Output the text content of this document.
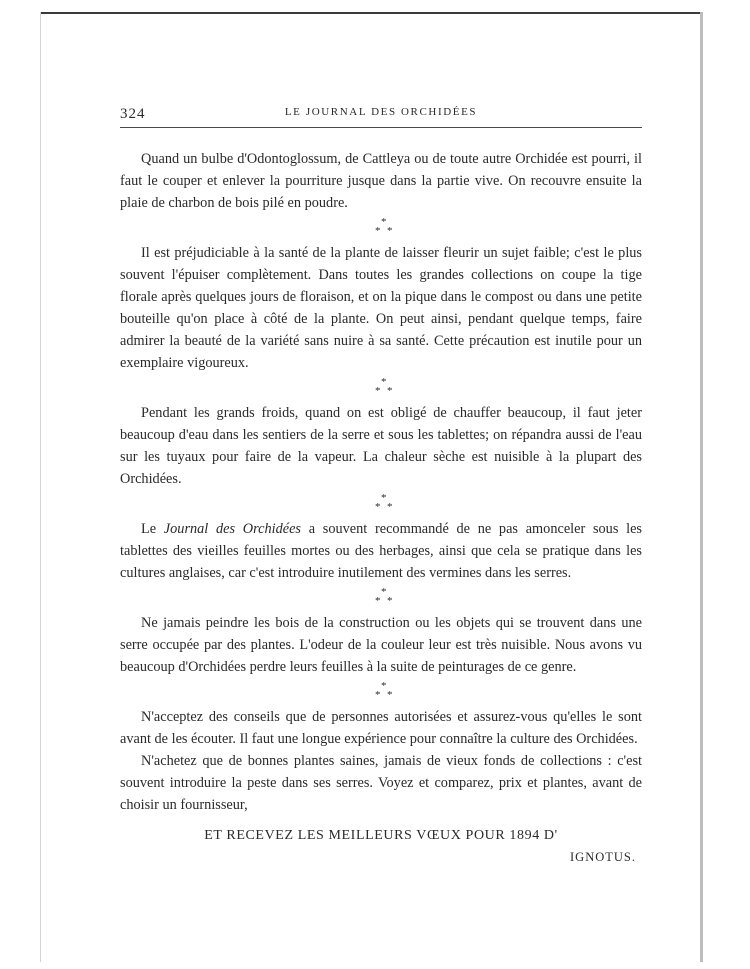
324	LE JOURNAL DES ORCHIDÉES

Quand un bulbe d'Odontoglossum, de Cattleya ou de toute autre Orchidée est pourri, il faut le couper et enlever la pourriture jusque dans la partie vive. On recouvre ensuite la plaie de charbon de bois pilé en poudre.

*
* *

Il est préjudiciable à la santé de la plante de laisser fleurir un sujet faible; c'est le plus souvent l'épuiser complètement. Dans toutes les grandes collections on coupe la tige florale après quelques jours de floraison, et on la pique dans le compost ou dans une petite bouteille qu'on place à côté de la plante. On peut ainsi, pendant quelque temps, faire admirer la beauté de la variété sans nuire à sa santé. Cette précaution est inutile pour un exemplaire vigoureux.

*
* *

Pendant les grands froids, quand on est obligé de chauffer beaucoup, il faut jeter beaucoup d'eau dans les sentiers de la serre et sous les tablettes; on répandra aussi de l'eau sur les tuyaux pour faire de la vapeur. La chaleur sèche est nuisible à la plupart des Orchidées.

*
* *

Le Journal des Orchidées a souvent recommandé de ne pas amonceler sous les tablettes des vieilles feuilles mortes ou des herbages, ainsi que cela se pratique dans les cultures anglaises, car c'est introduire inutilement des vermines dans les serres.

*
* *

Ne jamais peindre les bois de la construction ou les objets qui se trouvent dans une serre occupée par des plantes. L'odeur de la couleur leur est très nuisible. Nous avons vu beaucoup d'Orchidées perdre leurs feuilles à la suite de peinturages de ce genre.

*
* *

N'acceptez des conseils que de personnes autorisées et assurez-vous qu'elles le sont avant de les écouter. Il faut une longue expérience pour connaître la culture des Orchidées.

N'achetez que de bonnes plantes saines, jamais de vieux fonds de collections : c'est souvent introduire la peste dans ses serres. Voyez et comparez, prix et plantes, avant de choisir un fournisseur,

ET RECEVEZ LES MEILLEURS VŒUX POUR 1894 D'

IGNOTUS.
